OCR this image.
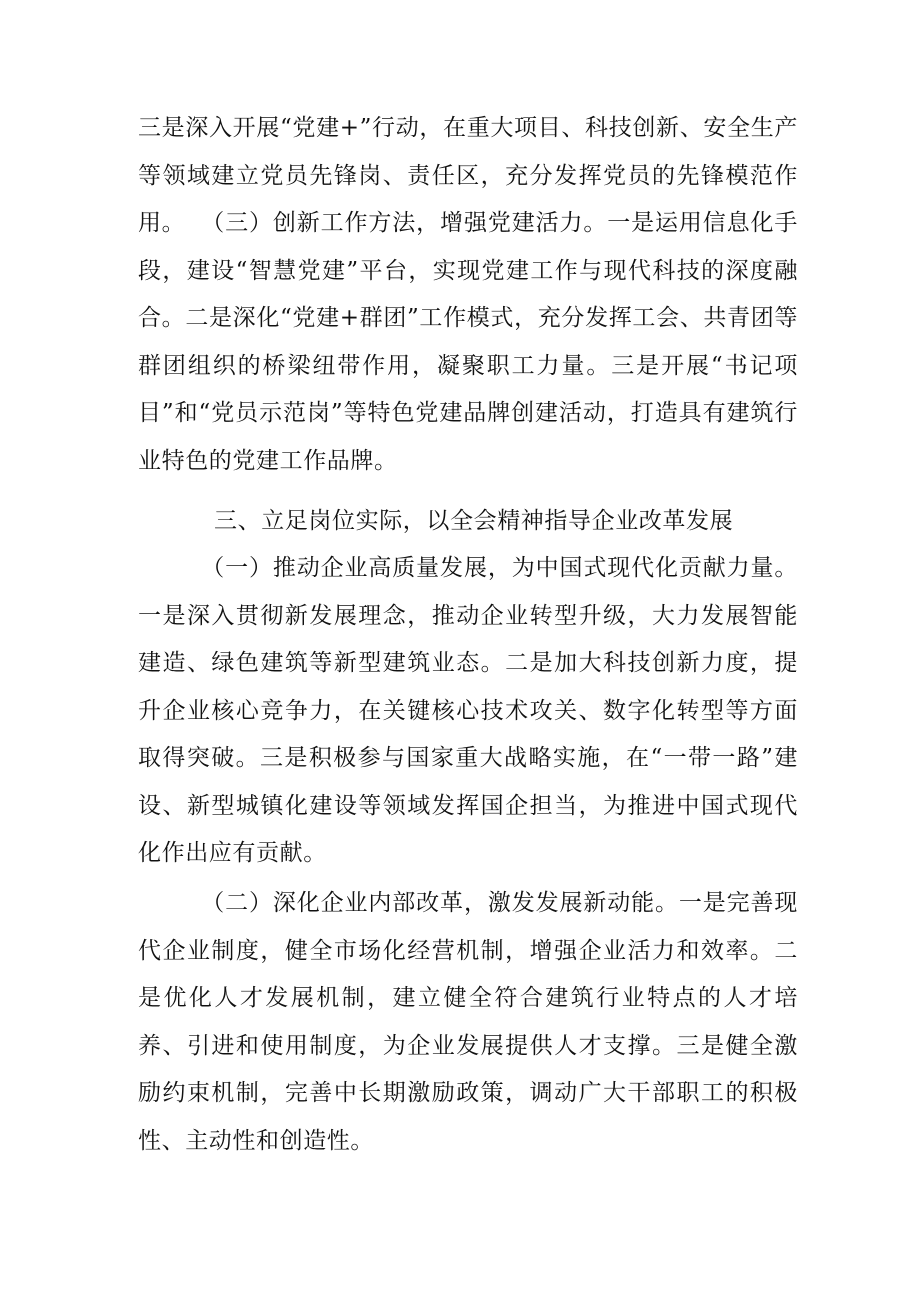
三是深入开展“党建+”行动，在重大项目、科技创新、安全生产等领域建立党员先锋岗、责任区，充分发挥党员的先锋模范作用。 （三）创新工作方法，增强党建活力。一是运用信息化手段，建设“智慧党建”平台，实现党建工作与现代科技的深度融合。二是深化“党建+群团”工作模式，充分发挥工会、共青团等群团组织的桥梁纽带作用，凝聚职工力量。三是开展“书记项目”和“党员示范岗”等特色党建品牌创建活动，打造具有建筑行业特色的党建工作品牌。

三、立足岗位实际，以全会精神指导企业改革发展

（一）推动企业高质量发展，为中国式现代化贡献力量。一是深入贯彻新发展理念，推动企业转型升级，大力发展智能建造、绿色建筑等新型建筑业态。二是加大科技创新力度，提升企业核心竞争力，在关键核心技术攻关、数字化转型等方面取得突破。三是积极参与国家重大战略实施，在“一带一路”建设、新型城镇化建设等领域发挥国企担当，为推进中国式现代化作出应有贡献。

（二）深化企业内部改革，激发发展新动能。一是完善现代企业制度，健全市场化经营机制，增强企业活力和效率。二是优化人才发展机制，建立健全符合建筑行业特点的人才培养、引进和使用制度，为企业发展提供人才支撑。三是健全激励约束机制，完善中长期激励政策，调动广大干部职工的积极性、主动性和创造性。
